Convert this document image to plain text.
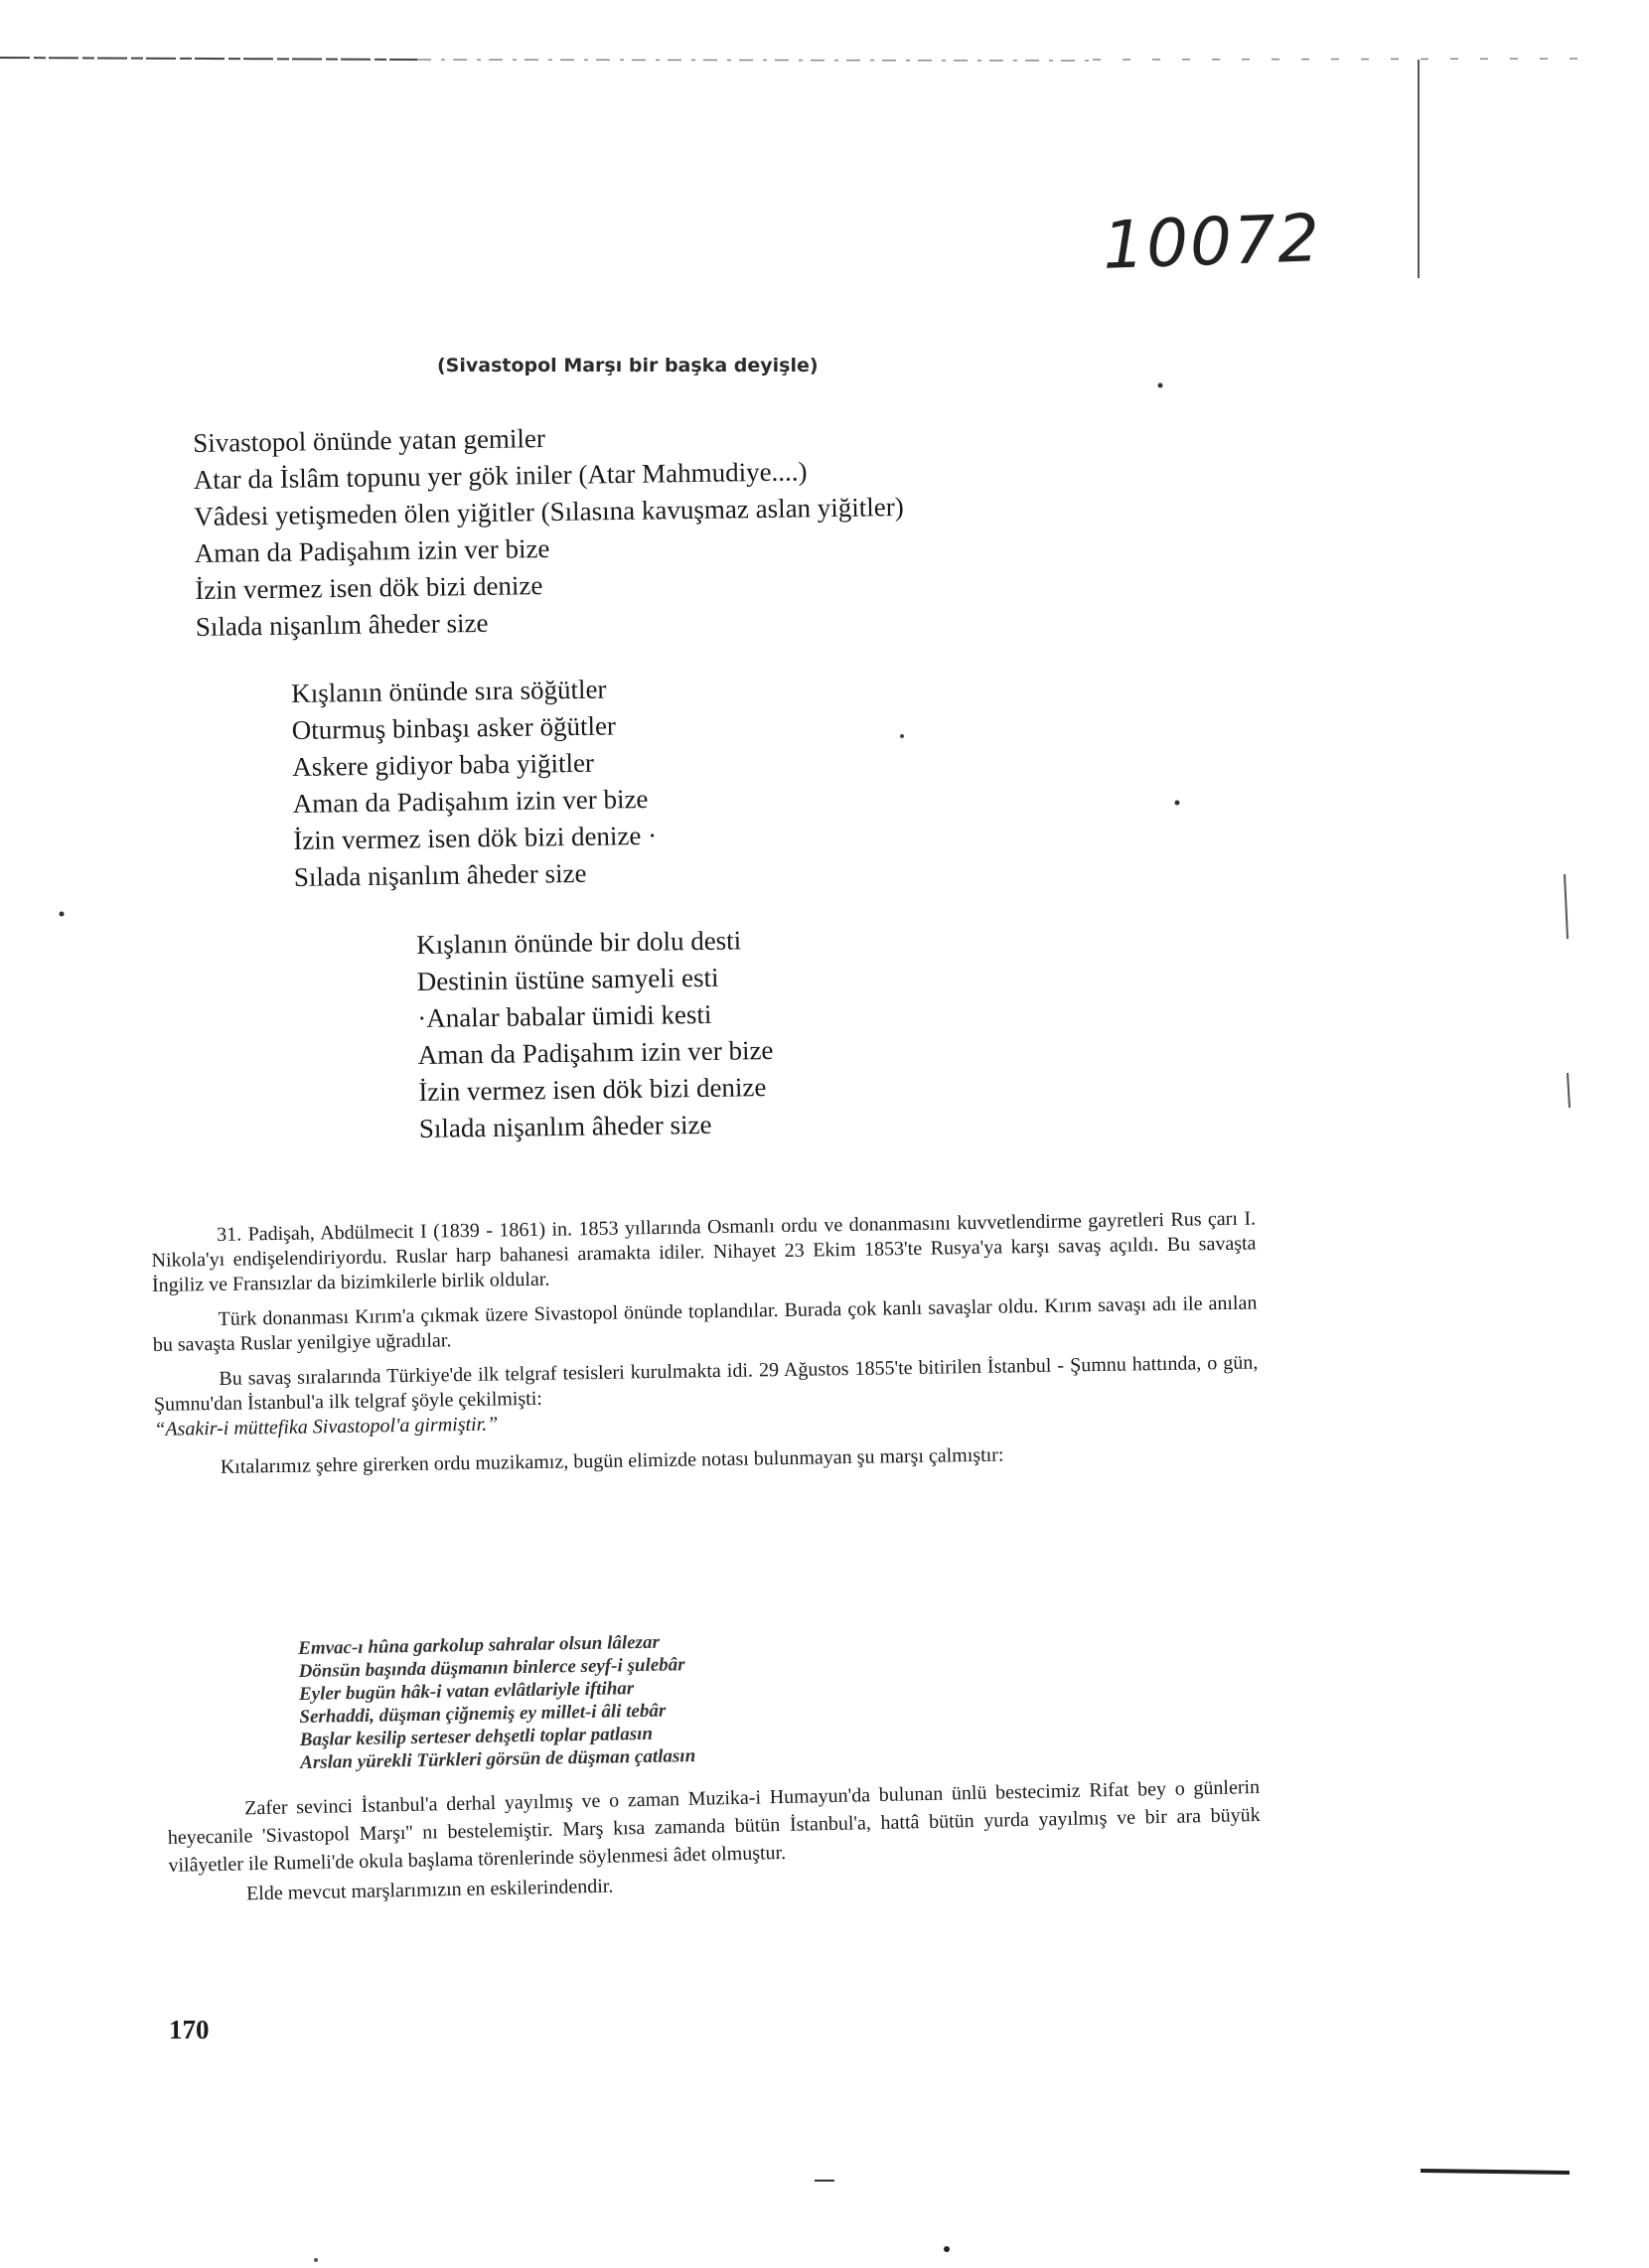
10072
(Sivastopol Marşı bir başka deyişle)
Sivastopol önünde yatan gemiler
Atar da İslâm topunu yer gök iniler (Atar Mahmudiye....)
Vâdesi yetişmeden ölen yiğitler (Sılasına kavuşmaz aslan yiğitler)
Aman da Padişahım izin ver bize
İzin vermez isen dök bizi denize
Sılada nişanlım âheder size
Kışlanın önünde sıra söğütler
Oturmuş binbaşı asker öğütler
Askere gidiyor baba yiğitler
Aman da Padişahım izin ver bize
İzin vermez isen dök bizi denize ·
Sılada nişanlım âheder size
Kışlanın önünde bir dolu desti
Destinin üstüne samyeli esti
·Analar babalar ümidi kesti
Aman da Padişahım izin ver bize
İzin vermez isen dök bizi denize
Sılada nişanlım âheder size

31. Padişah, Abdülmecit I (1839 - 1861) in. 1853 yıllarında Osmanlı ordu ve donanmasını kuvvetlendirme gayretleri Rus çarı I. Nikola'yı endişelendiriyordu. Ruslar harp bahanesi aramakta idiler. Nihayet 23 Ekim 1853'te Rusya'ya karşı savaş açıldı. Bu savaşta İngiliz ve Fransızlar da bizimkilerle birlik oldular.

Türk donanması Kırım'a çıkmak üzere Sivastopol önünde toplandılar. Burada çok kanlı savaşlar oldu. Kırım savaşı adı ile anılan bu savaşta Ruslar yenilgiye uğradılar.

Bu savaş sıralarında Türkiye'de ilk telgraf tesisleri kurulmakta idi. 29 Ağustos 1855'te bitirilen İstanbul - Şumnu hattında, o gün, Şumnu'dan İstanbul'a ilk telgraf şöyle çekilmişti:

“Asakir-i müttefika Sivastopol'a girmiştir.”

Kıtalarımız şehre girerken ordu muzikamız, bugün elimizde notası bulunmayan şu marşı çalmıştır:

Emvac-ı hûna garkolup sahralar olsun lâlezar
Dönsün başında düşmanın binlerce seyf-i şulebâr
Eyler bugün hâk-i vatan evlâtlariyle iftihar
Serhaddi, düşman çiğnemiş ey millet-i âli tebâr
Başlar kesilip serteser dehşetli toplar patlasın
Arslan yürekli Türkleri görsün de düşman çatlasın

Zafer sevinci İstanbul'a derhal yayılmış ve o zaman Muzika-i Humayun'da bulunan ünlü bestecimiz Rifat bey o günlerin heyecanile 'Sivastopol Marşı'' nı bestelemiştir. Marş kısa zamanda bütün İstanbul'a, hattâ bütün yurda yayılmış ve bir ara büyük vilâyetler ile Rumeli'de okula başlama törenlerinde söylenmesi âdet olmuştur.

Elde mevcut marşlarımızın en eskilerindendir.

170
